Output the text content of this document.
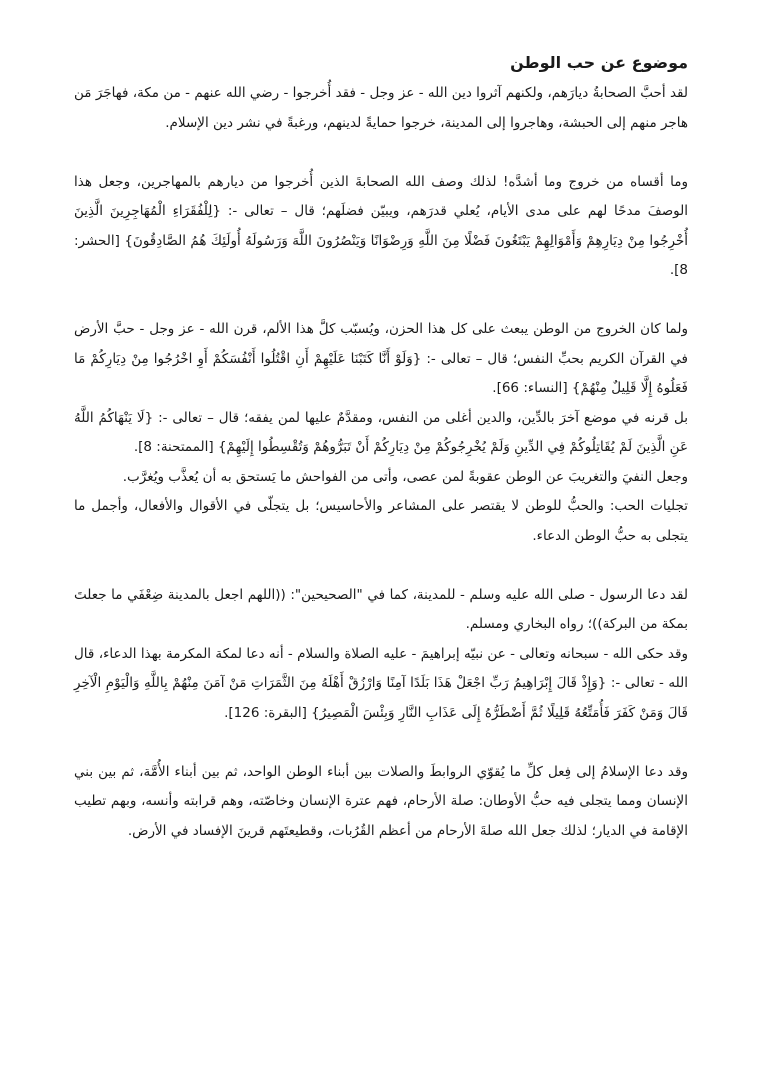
موضوع عن حب الوطن

لقد أحبَّ الصحابةُ ديارَهم، ولكنهم آثروا دين الله - عز وجل - فقد أُخرجوا - رضي الله عنهم - من مكة، فهاجَرَ مَن هاجر منهم إلى الحبشة، وهاجروا إلى المدينة، خرجوا حمايةً لدينهم، ورغبةً في نشر دين الإسلام.

وما أقساه من خروج وما أشدَّه! لذلك وصف الله الصحابةَ الذين أُخرجوا من ديارهم بالمهاجرين، وجعل هذا الوصفَ مدحًا لهم على مدى الأيام، يُعلي قدرَهم، ويبيّن فضلَهم؛ قال – تعالى -: {لِلْفُقَرَاءِ الْمُهَاجِرِينَ الَّذِينَ أُخْرِجُوا مِنْ دِيَارِهِمْ وَأَمْوَالِهِمْ يَبْتَغُونَ فَضْلًا مِنَ اللَّهِ وَرِضْوَانًا وَيَنْصُرُونَ اللَّهَ وَرَسُولَهُ أُولَئِكَ هُمُ الصَّادِقُونَ} [الحشر: 8].

ولما كان الخروج من الوطن يبعث على كل هذا الحزن، ويُسبّب كلَّ هذا الألم، قرن الله - عز وجل - حبَّ الأرض في القرآن الكريم بحبِّ النفس؛ قال – تعالى -: {وَلَوْ أَنَّا كَتَبْنَا عَلَيْهِمْ أَنِ اقْتُلُوا أَنْفُسَكُمْ أَوِ اخْرُجُوا مِنْ دِيَارِكُمْ مَا فَعَلُوهُ إِلَّا قَلِيلٌ مِنْهُمْ} [النساء: 66].

بل قرنه في موضع آخرَ بالدِّين، والدين أغلى من النفس، ومقدَّمٌ عليها لمن يفقه؛ قال – تعالى -: {لَا يَنْهَاكُمُ اللَّهُ عَنِ الَّذِينَ لَمْ يُقَاتِلُوكُمْ فِي الدِّينِ وَلَمْ يُخْرِجُوكُمْ مِنْ دِيَارِكُمْ أَنْ تَبَرُّوهُمْ وَتُقْسِطُوا إِلَيْهِمْ} [الممتحنة: 8].

وجعل النفيَ والتغريبَ عن الوطن عقوبةً لمن عصى، وأتى من الفواحش ما يَستحق به أن يُعذَّب ويُغرَّب.

تجليات الحب: والحبُّ للوطن لا يقتصر على المشاعر والأحاسيس؛ بل يتجلّى في الأقوال والأفعال، وأجمل ما يتجلى به حبُّ الوطن الدعاء.

لقد دعا الرسول - صلى الله عليه وسلم - للمدينة، كما في "الصحيحين": ((اللهم اجعل بالمدينة ضِعْفَي ما جعلتَ بمكة من البركة))؛ رواه البخاري ومسلم.

وقد حكى الله - سبحانه وتعالى - عن نبيّه إبراهيمَ - عليه الصلاة والسلام - أنه دعا لمكة المكرمة بهذا الدعاء، قال الله - تعالى -: {وَإِذْ قَالَ إِبْرَاهِيمُ رَبِّ اجْعَلْ هَذَا بَلَدًا آمِنًا وَارْزُقْ أَهْلَهُ مِنَ الثَّمَرَاتِ مَنْ آمَنَ مِنْهُمْ بِاللَّهِ وَالْيَوْمِ الْآخِرِ قَالَ وَمَنْ كَفَرَ فَأُمَتِّعُهُ قَلِيلًا ثُمَّ أَضْطَرُّهُ إِلَى عَذَابِ النَّارِ وَبِئْسَ الْمَصِيرُ} [البقرة: 126].

وقد دعا الإسلامُ إلى فِعل كلِّ ما يُقوّي الروابطَ والصلات بين أبناء الوطن الواحد، ثم بين أبناء الأُمَّة، ثم بين بني الإنسان ومما يتجلى فيه حبُّ الأوطان: صلة الأرحام، فهم عترة الإنسان وخاصّته، وهم قرابته وأنسه، وبهم تطيب الإقامة في الديار؛ لذلك جعل الله صلةَ الأرحام من أعظم القُرُبات، وقطيعتَهم قرينَ الإفساد في الأرض.
